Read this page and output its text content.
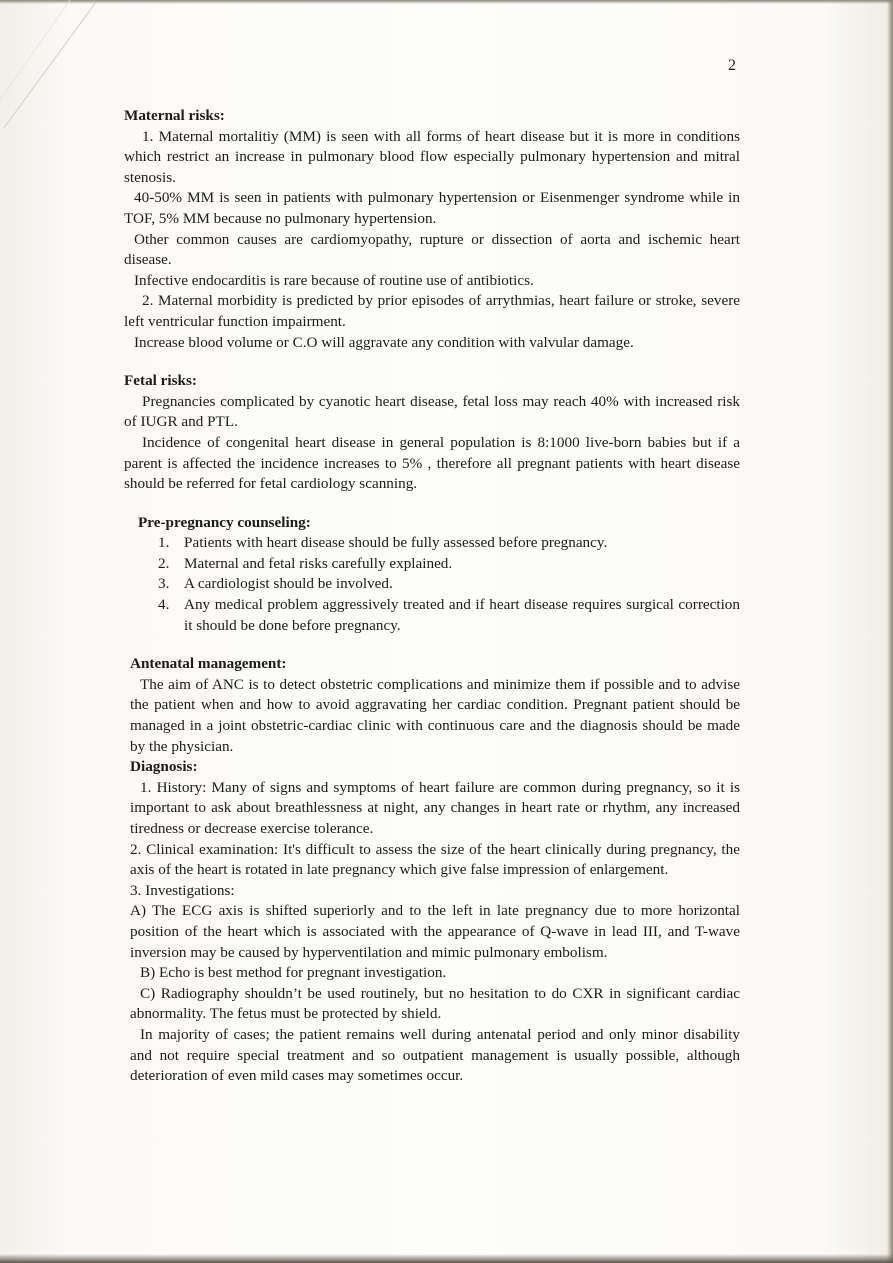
2

Maternal risks:

1. Maternal mortalitiy (MM) is seen with all forms of heart disease but it is more in conditions which restrict an increase in pulmonary blood flow especially pulmonary hypertension and mitral stenosis.

40-50% MM is seen in patients with pulmonary hypertension or Eisenmenger syndrome while in TOF, 5% MM because no pulmonary hypertension.

Other common causes are cardiomyopathy, rupture or dissection of aorta and ischemic heart disease.

Infective endocarditis is rare because of routine use of antibiotics.

2. Maternal morbidity is predicted by prior episodes of arrythmias, heart failure or stroke, severe left ventricular function impairment.

Increase blood volume or C.O will aggravate any condition with valvular damage.

Fetal risks:

Pregnancies complicated by cyanotic heart disease, fetal loss may reach 40% with increased risk of IUGR and PTL.

Incidence of congenital heart disease in general population is 8:1000 live-born babies but if a parent is affected the incidence increases to 5% , therefore all pregnant patients with heart disease should be referred for fetal cardiology scanning.

Pre-pregnancy counseling:

1. Patients with heart disease should be fully assessed before pregnancy.
2. Maternal and fetal risks carefully explained.
3. A cardiologist should be involved.
4. Any medical problem aggressively treated and if heart disease requires surgical correction it should be done before pregnancy.

Antenatal management:

The aim of ANC is to detect obstetric complications and minimize them if possible and to advise the patient when and how to avoid aggravating her cardiac condition. Pregnant patient should be managed in a joint obstetric-cardiac clinic with continuous care and the diagnosis should be made by the physician.

Diagnosis:

1. History: Many of signs and symptoms of heart failure are common during pregnancy, so it is important to ask about breathlessness at night, any changes in heart rate or rhythm, any increased tiredness or decrease exercise tolerance.

2. Clinical examination: It's difficult to assess the size of the heart clinically during pregnancy, the axis of the heart is rotated in late pregnancy which give false impression of enlargement.

3. Investigations:

A) The ECG axis is shifted superiorly and to the left in late pregnancy due to more horizontal position of the heart which is associated with the appearance of Q-wave in lead III, and T-wave inversion may be caused by hyperventilation and mimic pulmonary embolism.

B) Echo is best method for pregnant investigation.

C) Radiography shouldn’t be used routinely, but no hesitation to do CXR in significant cardiac abnormality. The fetus must be protected by shield.

In majority of cases; the patient remains well during antenatal period and only minor disability and not require special treatment and so outpatient management is usually possible, although deterioration of even mild cases may sometimes occur.
